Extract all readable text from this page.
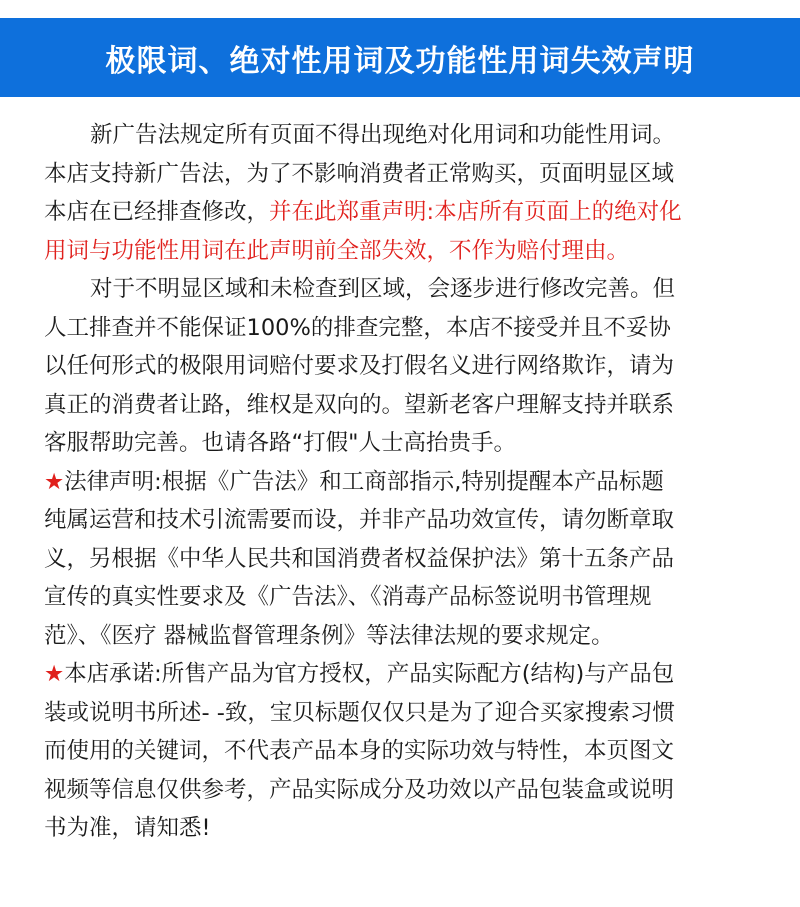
极限词、绝对性用词及功能性用词失效声明
新广告法规定所有页面不得出现绝对化用词和功能性用词。
本店支持新广告法，为了不影响消费者正常购买，页面明显区域
本店在已经排查修改，并在此郑重声明:本店所有页面上的绝对化
用词与功能性用词在此声明前全部失效，不作为赔付理由。
对于不明显区域和未检查到区域，会逐步进行修改完善。但
人工排查并不能保证100%的排查完整，本店不接受并且不妥协
以任何形式的极限用词赔付要求及打假名义进行网络欺诈，请为
真正的消费者让路，维权是双向的。望新老客户理解支持并联系
客服帮助完善。也请各路“打假"人士高抬贵手。
★法律声明:根据《广告法》和工商部指示,特别提醒本产品标题
纯属运营和技术引流需要而设，并非产品功效宣传，请勿断章取
义，另根据《中华人民共和国消费者权益保护法》第十五条产品
宣传的真实性要求及《广告法》、《消毒产品标签说明书管理规
范》、《医疗 器械监督管理条例》等法律法规的要求规定。
★本店承诺:所售产品为官方授权，产品实际配方(结构)与产品包
装或说明书所述- -致，宝贝标题仅仅只是为了迎合买家搜索习惯
而使用的关键词，不代表产品本身的实际功效与特性，本页图文
视频等信息仅供参考，产品实际成分及功效以产品包装盒或说明
书为准，请知悉!
